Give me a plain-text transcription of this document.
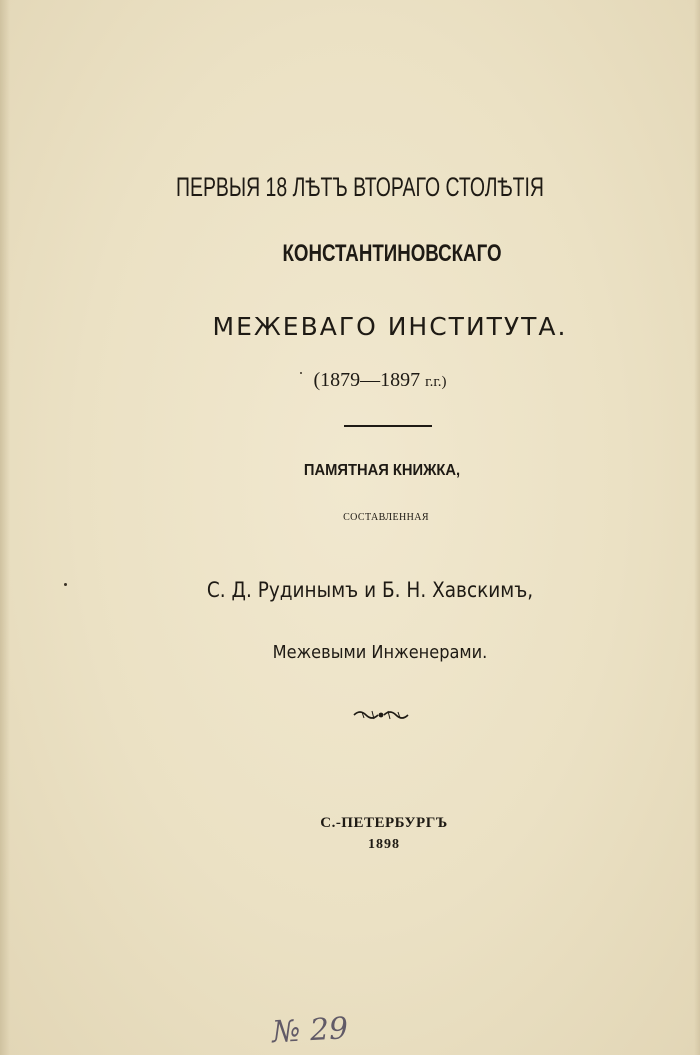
ПЕРВЫЯ 18 ЛѢТЪ ВТОРАГО СТОЛѢТІЯ
КОНСТАНТИНОВСКАГО
МЕЖЕВАГО ИНСТИТУТА.
(1879—1897 г.г.)
ПАМЯТНАЯ КНИЖКА,
СОСТАВЛЕННАЯ
С. Д. Рудинымъ и Б. Н. Хавскимъ,
Межевыми Инженерами.
С.-ПЕТЕРБУРГЪ
1898
№ 29
